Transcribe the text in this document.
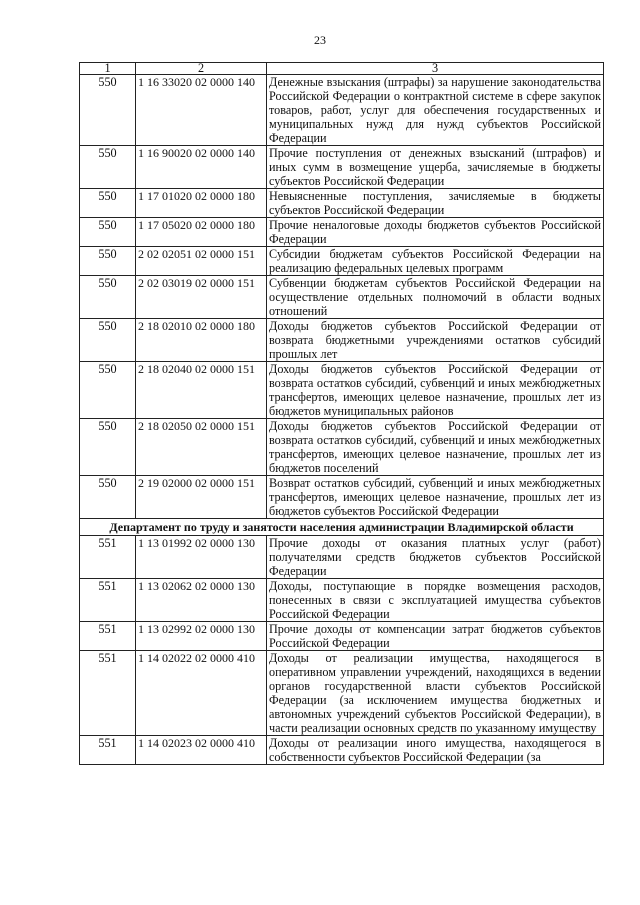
23
1	2	3
550	1 16 33020 02 0000 140	Денежные взыскания (штрафы) за нарушение законодательства Российской Федерации о контрактной системе в сфере закупок товаров, работ, услуг для обеспечения государственных и муниципальных нужд для нужд субъектов Российской Федерации
550	1 16 90020 02 0000 140	Прочие поступления от денежных взысканий (штрафов) и иных сумм в возмещение ущерба, зачисляемые в бюджеты субъектов Российской Федерации
550	1 17 01020 02 0000 180	Невыясненные поступления, зачисляемые в бюджеты субъектов Российской Федерации
550	1 17 05020 02 0000 180	Прочие неналоговые доходы бюджетов субъектов Российской Федерации
550	2 02 02051 02 0000 151	Субсидии бюджетам субъектов Российской Федерации на реализацию федеральных целевых программ
550	2 02 03019 02 0000 151	Субвенции бюджетам субъектов Российской Федерации на осуществление отдельных полномочий в области водных отношений
550	2 18 02010 02 0000 180	Доходы бюджетов субъектов Российской Федерации от возврата бюджетными учреждениями остатков субсидий прошлых лет
550	2 18 02040 02 0000 151	Доходы бюджетов субъектов Российской Федерации от возврата остатков субсидий, субвенций и иных межбюджетных трансфертов, имеющих целевое назначение, прошлых лет из бюджетов муниципальных районов
550	2 18 02050 02 0000 151	Доходы бюджетов субъектов Российской Федерации от возврата остатков субсидий, субвенций и иных межбюджетных трансфертов, имеющих целевое назначение, прошлых лет из бюджетов поселений
550	2 19 02000 02 0000 151	Возврат остатков субсидий, субвенций и иных межбюджетных трансфертов, имеющих целевое назначение, прошлых лет из бюджетов субъектов Российской Федерации
Департамент по труду и занятости населения администрации Владимирской области		
551	1 13 01992 02 0000 130	Прочие доходы от оказания платных услуг (работ) получателями средств бюджетов субъектов Российской Федерации
551	1 13 02062 02 0000 130	Доходы, поступающие в порядке возмещения расходов, понесенных в связи с эксплуатацией имущества субъектов Российской Федерации
551	1 13 02992 02 0000 130	Прочие доходы от компенсации затрат бюджетов субъектов Российской Федерации
551	1 14 02022 02 0000 410	Доходы от реализации имущества, находящегося в оперативном управлении учреждений, находящихся в ведении органов государственной власти субъектов Российской Федерации (за исключением имущества бюджетных и автономных учреждений субъектов Российской Федерации), в части реализации основных средств по указанному имуществу
551	1 14 02023 02 0000 410	Доходы от реализации иного имущества, находящегося в собственности субъектов Российской Федерации (за
